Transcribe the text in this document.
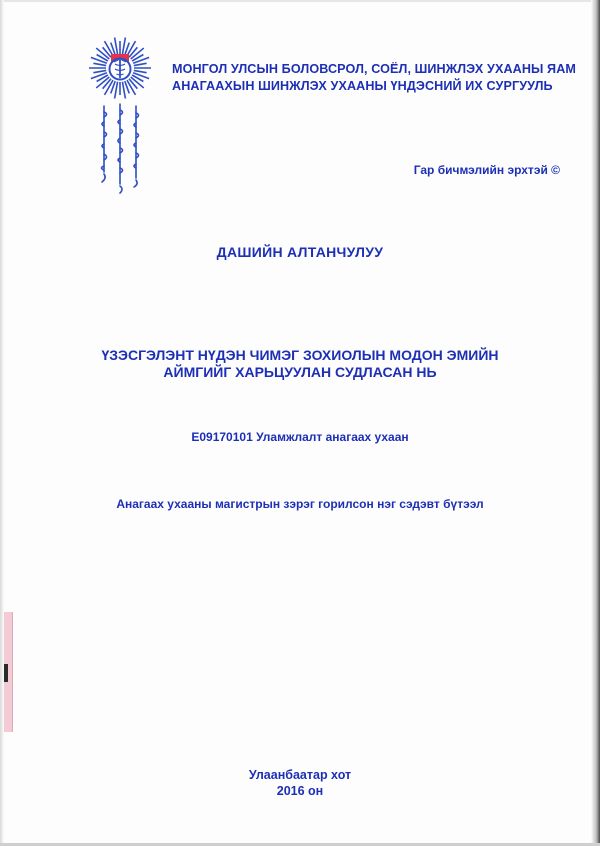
МОНГОЛ УЛСЫН БОЛОВСРОЛ, СОЁЛ, ШИНЖЛЭХ УХААНЫ ЯАМ
АНАГААХЫН ШИНЖЛЭХ УХААНЫ ҮНДЭСНИЙ ИХ СУРГУУЛЬ
Гар бичмэлийн эрхтэй ©
ДАШИЙН АЛТАНЧУЛУУ
ҮЗЭСГЭЛЭНТ НҮДЭН ЧИМЭГ ЗОХИОЛЫН МОДОН ЭМИЙН
АЙМГИЙГ ХАРЬЦУУЛАН СУДЛАСАН НЬ
E09170101 Уламжлалт анагаах ухаан
Анагаах ухааны магистрын зэрэг горилсон нэг сэдэвт бүтээл
Улаанбаатар хот
2016 он
